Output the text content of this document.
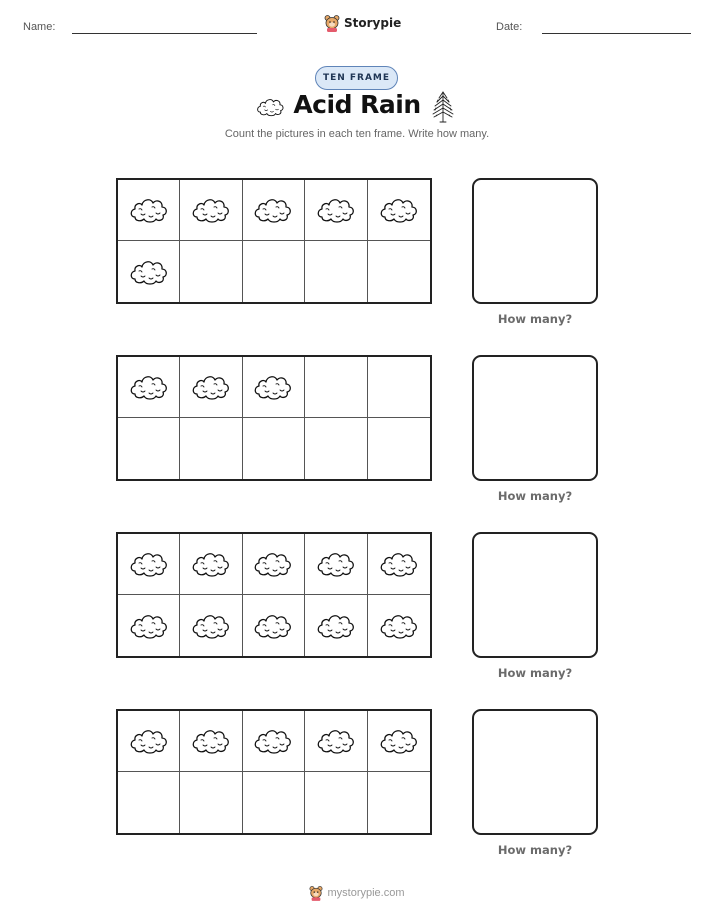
Name:	Storypie	Date:
TEN FRAME
Acid Rain
Count the pictures in each ten frame. Write how many.
How many?
How many?
How many?
How many?
mystorypie.com
